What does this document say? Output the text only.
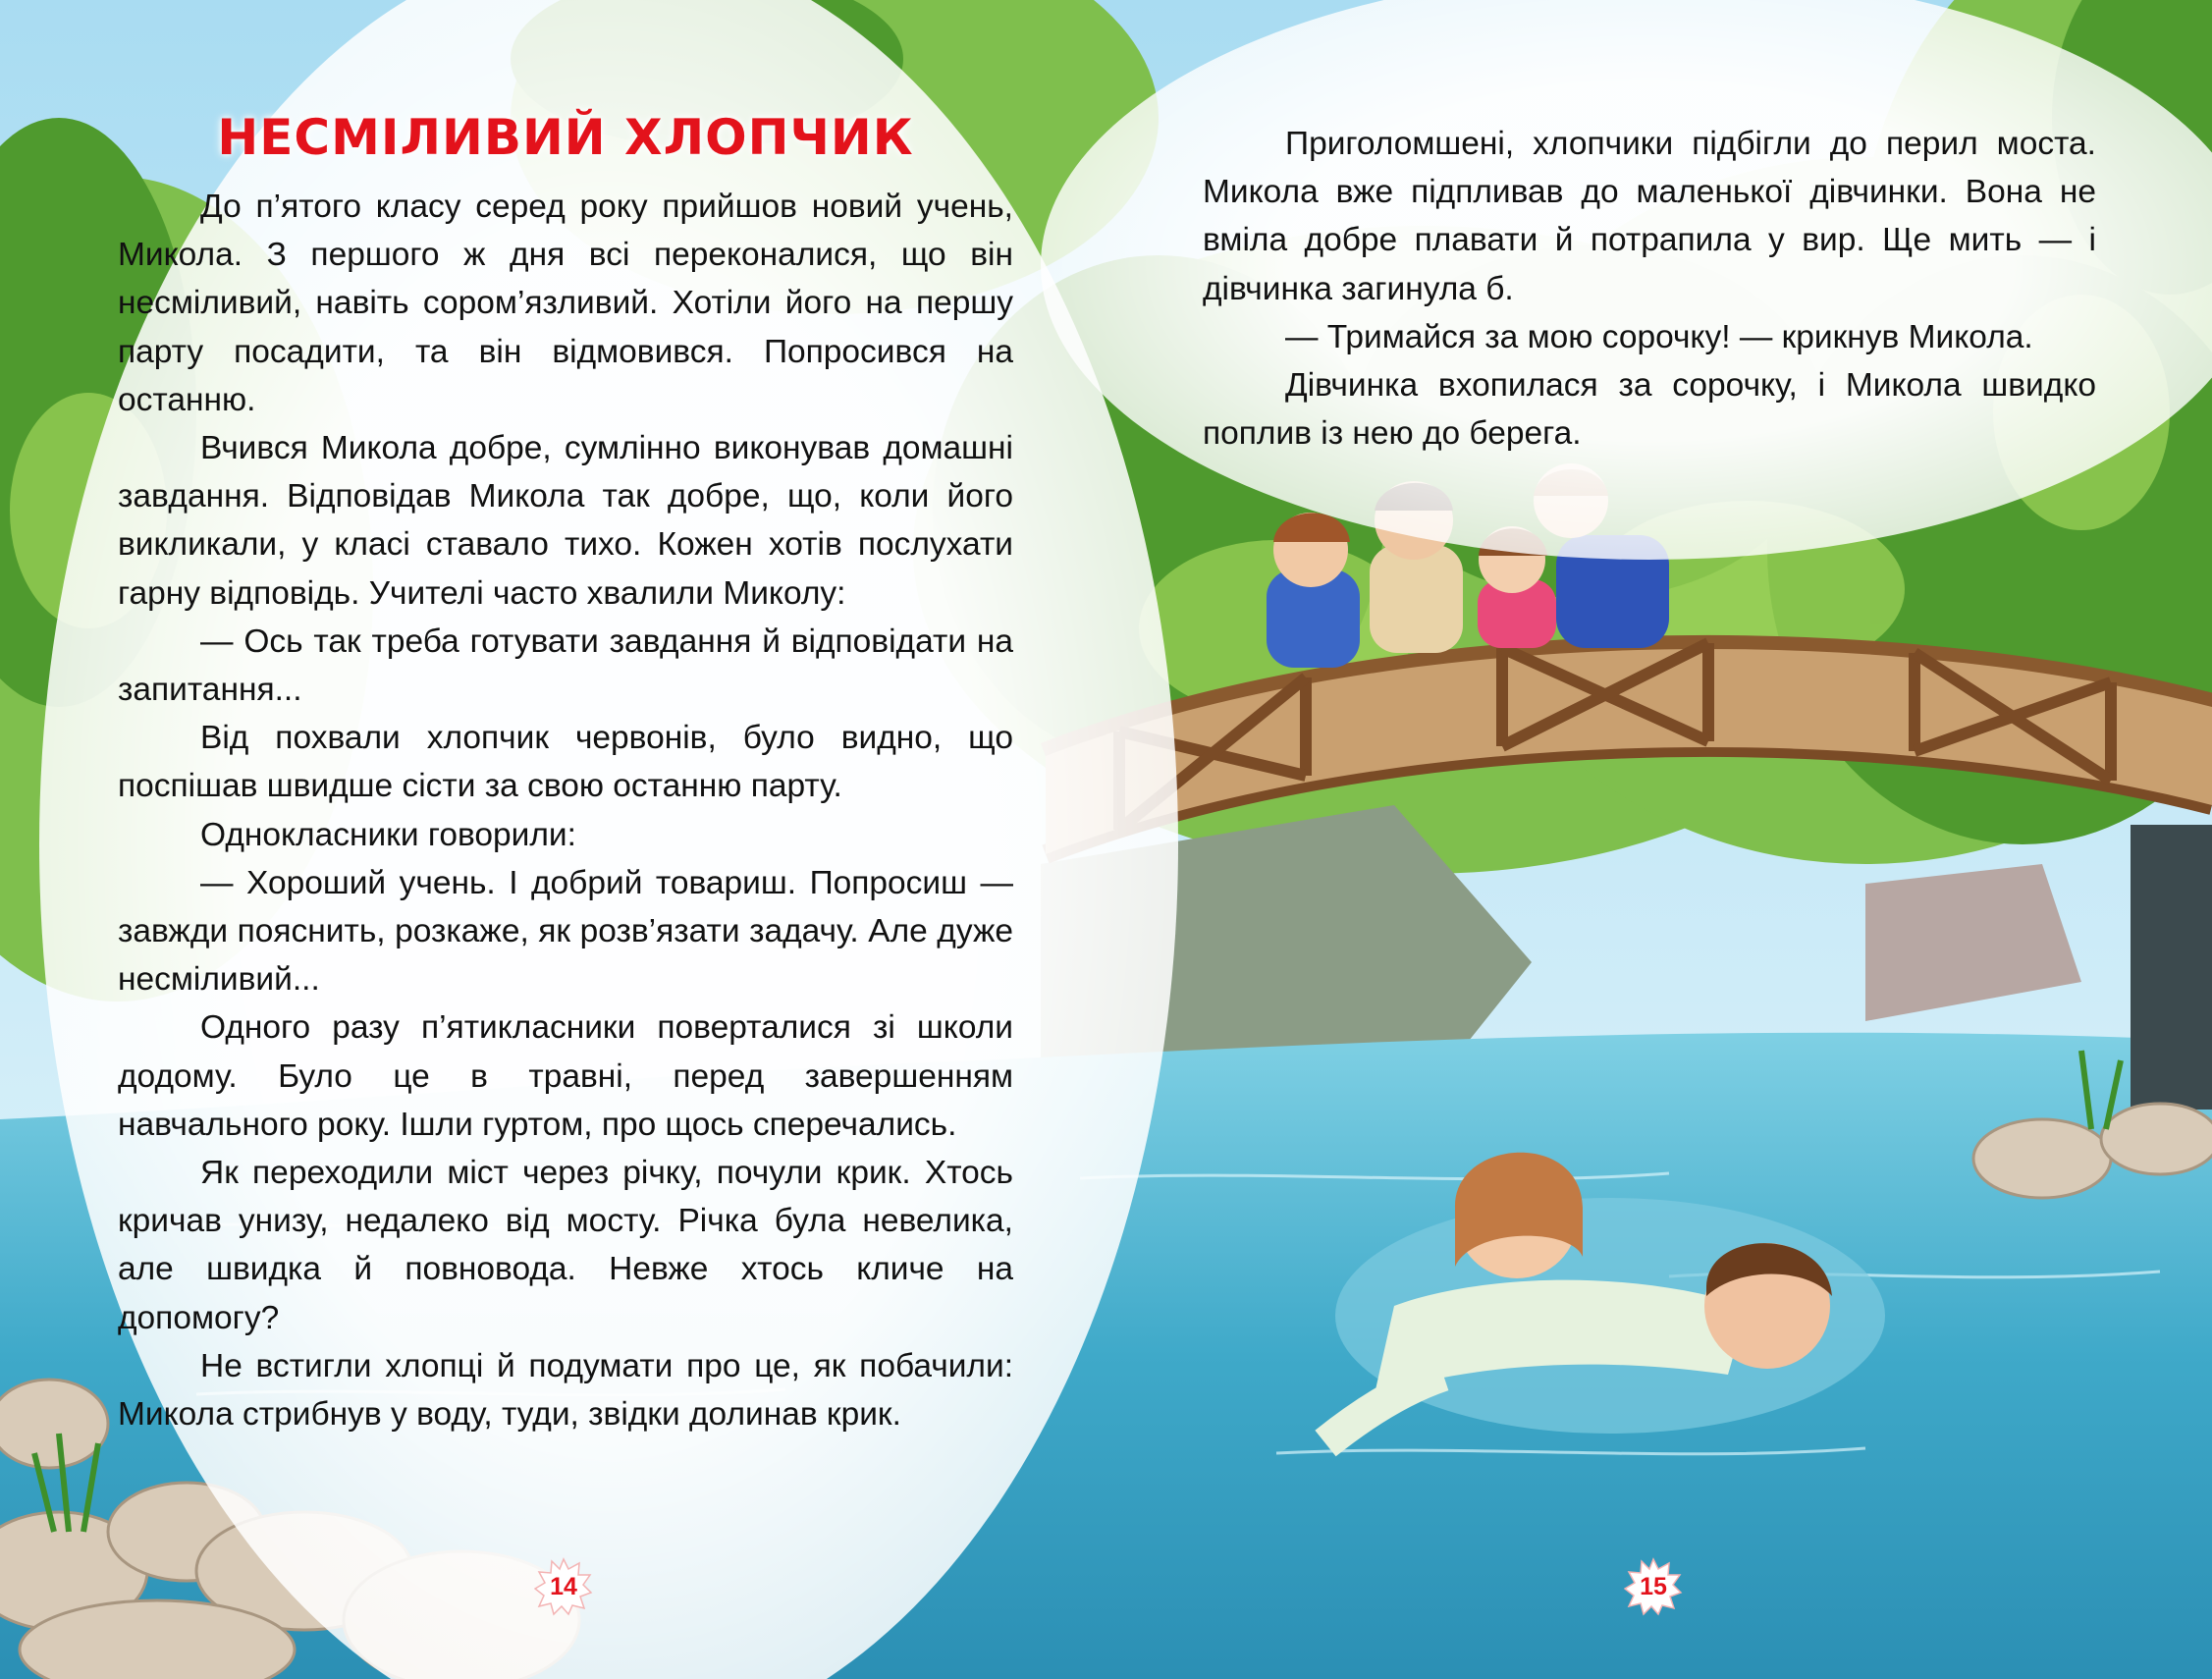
НЕСМІЛИВИЙ ХЛОПЧИК

До п’ятого класу серед року прийшов новий учень, Микола. З першого ж дня всі переконалися, що він несміливий, навіть сором’язливий. Хотіли його на першу парту посадити, та він відмовився. Попросився на останню.

Вчився Микола добре, сумлінно виконував домашні завдання. Відповідав Микола так добре, що, коли його викликали, у класі ставало тихо. Кожен хотів послухати гарну відповідь. Учителі часто хвалили Миколу:

— Ось так треба готувати завдання й відповідати на запитання...

Від похвали хлопчик червонів, було видно, що поспішав швидше сісти за свою останню парту.

Однокласники говорили:

— Хороший учень. І добрий товариш. Попросиш — завжди пояснить, розкаже, як розв’язати задачу. Але дуже несміливий...

Одного разу п’ятикласники поверталися зі школи додому. Було це в травні, перед завершенням навчального року. Ішли гуртом, про щось сперечались.

Як переходили міст через річку, почули крик. Хтось кричав унизу, недалеко від мосту. Річка була невелика, але швидка й повновода. Невже хтось кличе на допомогу?

Не встигли хлопці й подумати про це, як побачили: Микола стрибнув у воду, туди, звідки долинав крик.

Приголомшені, хлопчики підбігли до перил моста. Микола вже підпливав до маленької дівчинки. Вона не вміла добре плавати й потрапила у вир. Ще мить — і дівчинка загинула б.

— Тримайся за мою сорочку! — крикнув Микола.

Дівчинка вхопилася за сорочку, і Микола швидко поплив із нею до берега.

14	15
